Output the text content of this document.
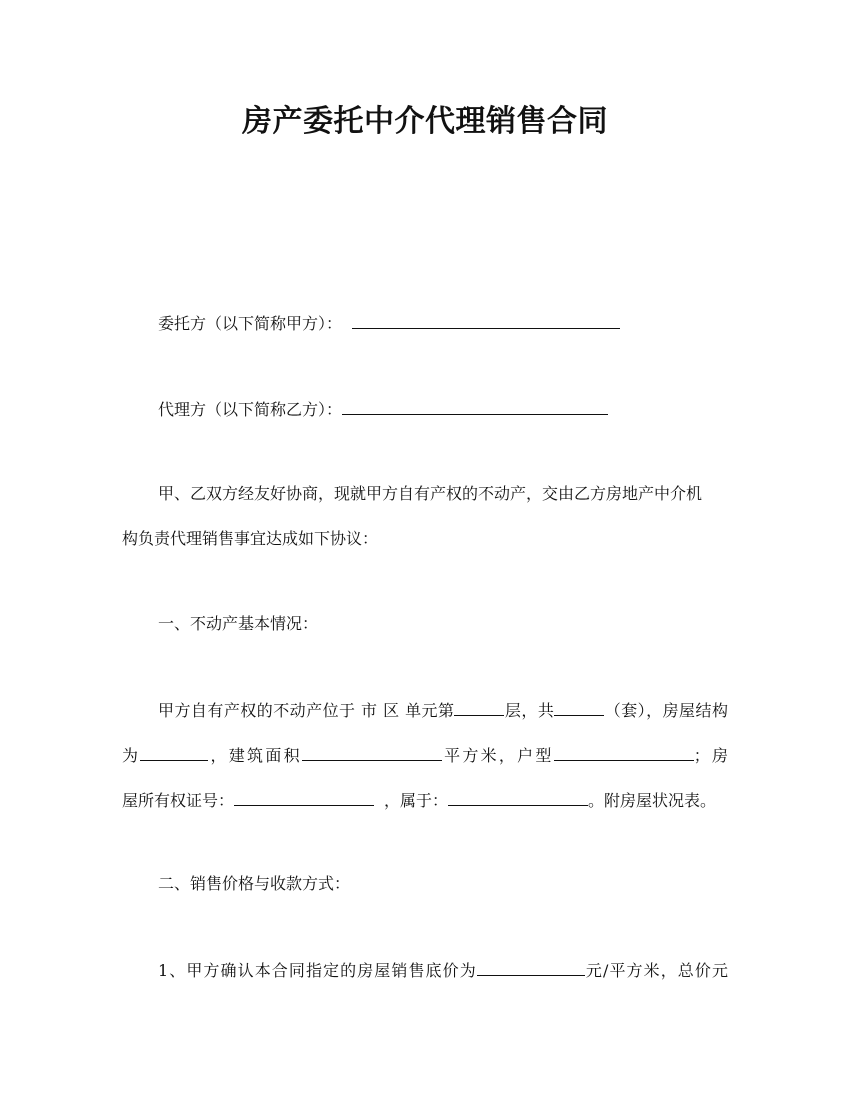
房产委托中介代理销售合同
委托方（以下简称甲方）：
代理方（以下简称乙方）：
甲、乙双方经友好协商，现就甲方自有产权的不动产，交由乙方房地产中介机
构负责代理销售事宜达成如下协议：
一、不动产基本情况：
甲方自有产权的不动产位于 市 区 单元第	层，共	（套），房屋结构
为	，建筑面积	平方米，户型	；房
屋所有权证号：	，属于：	。附房屋状况表。
二、销售价格与收款方式：
1、甲方确认本合同指定的房屋销售底价为	元/平方米，总价元
